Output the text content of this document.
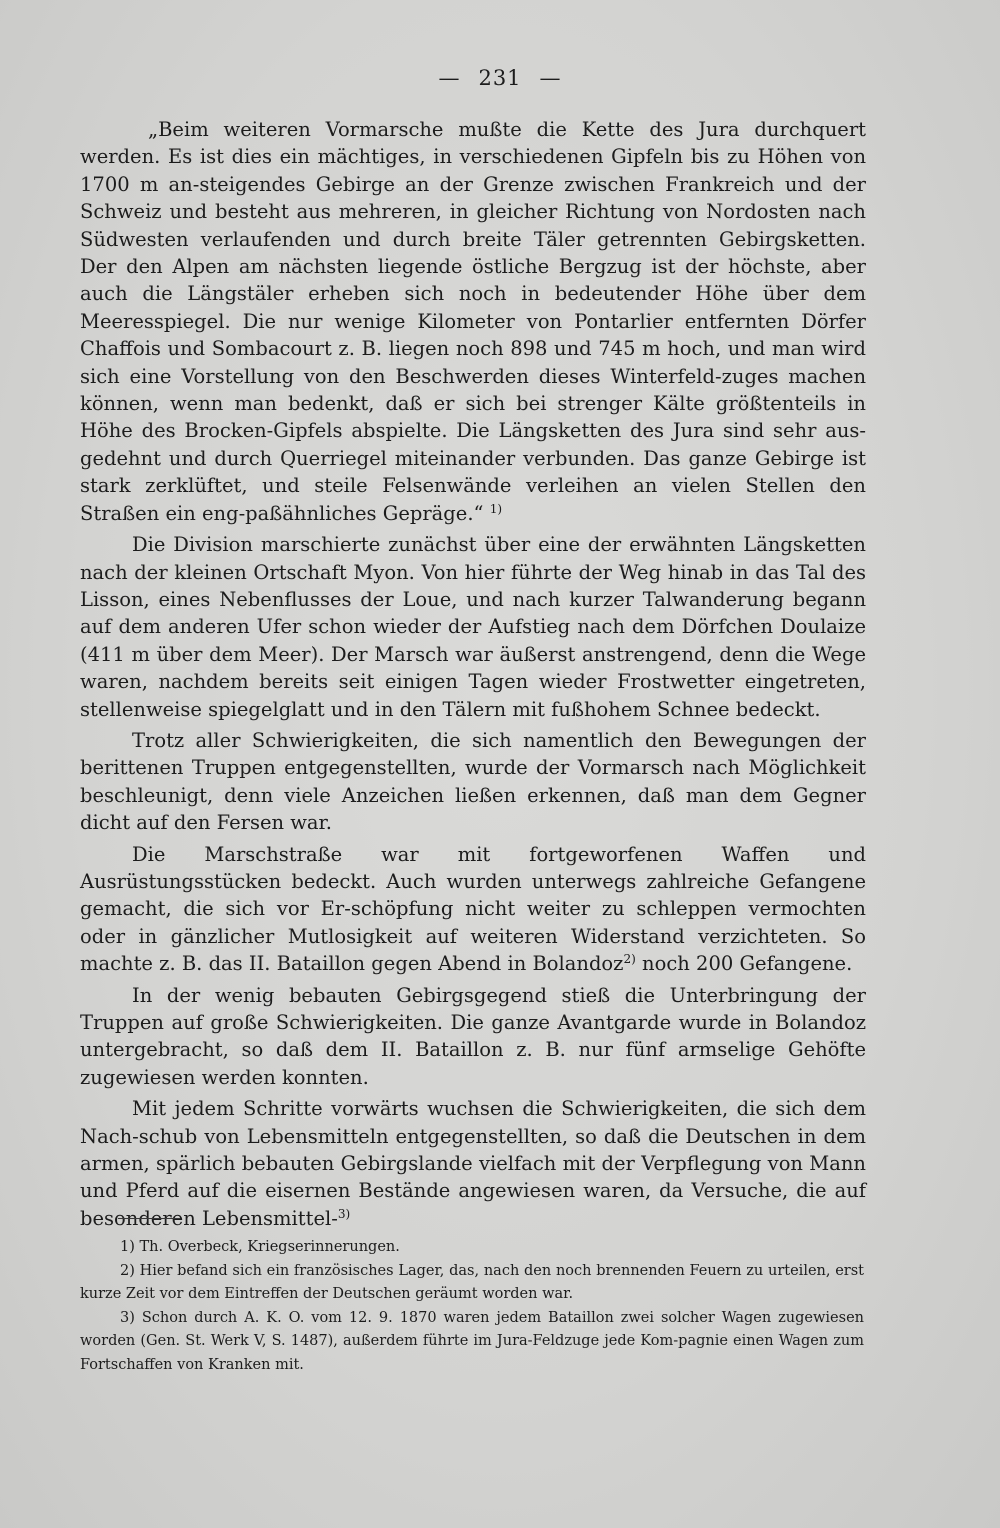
— 231 —

„Beim weiteren Vormarsche mußte die Kette des Jura durchquert werden. Es ist dies ein mächtiges, in verschiedenen Gipfeln bis zu Höhen von 1700 m an-steigendes Gebirge an der Grenze zwischen Frankreich und der Schweiz und besteht aus mehreren, in gleicher Richtung von Nordosten nach Südwesten verlaufenden und durch breite Täler getrennten Gebirgsketten. Der den Alpen am nächsten liegende östliche Bergzug ist der höchste, aber auch die Längstäler erheben sich noch in bedeutender Höhe über dem Meeresspiegel. Die nur wenige Kilometer von Pontarlier entfernten Dörfer Chaffois und Sombacourt z. B. liegen noch 898 und 745 m hoch, und man wird sich eine Vorstellung von den Beschwerden dieses Winterfeld-zuges machen können, wenn man bedenkt, daß er sich bei strenger Kälte größtenteils in Höhe des Brocken-Gipfels abspielte. Die Längsketten des Jura sind sehr aus-gedehnt und durch Querriegel miteinander verbunden. Das ganze Gebirge ist stark zerklüftet, und steile Felsenwände verleihen an vielen Stellen den Straßen ein eng-paßähnliches Gepräge.“ $^{1)}$

Die Division marschierte zunächst über eine der erwähnten Längsketten nach der kleinen Ortschaft Myon. Von hier führte der Weg hinab in das Tal des Lisson, eines Nebenflusses der Loue, und nach kurzer Talwanderung begann auf dem anderen Ufer schon wieder der Aufstieg nach dem Dörfchen Doulaize (411 m über dem Meer). Der Marsch war äußerst anstrengend, denn die Wege waren, nachdem bereits seit einigen Tagen wieder Frostwetter eingetreten, stellenweise spiegelglatt und in den Tälern mit fußhohem Schnee bedeckt.

Trotz aller Schwierigkeiten, die sich namentlich den Bewegungen der berittenen Truppen entgegenstellten, wurde der Vormarsch nach Möglichkeit beschleunigt, denn viele Anzeichen ließen erkennen, daß man dem Gegner dicht auf den Fersen war.

Die Marschstraße war mit fortgeworfenen Waffen und Ausrüstungsstücken bedeckt. Auch wurden unterwegs zahlreiche Gefangene gemacht, die sich vor Er-schöpfung nicht weiter zu schleppen vermochten oder in gänzlicher Mutlosigkeit auf weiteren Widerstand verzichteten. So machte z. B. das II. Bataillon gegen Abend in Bolandoz$^{2)}$ noch 200 Gefangene.

In der wenig bebauten Gebirgsgegend stieß die Unterbringung der Truppen auf große Schwierigkeiten. Die ganze Avantgarde wurde in Bolandoz untergebracht, so daß dem II. Bataillon z. B. nur fünf armselige Gehöfte zugewiesen werden konnten.

Mit jedem Schritte vorwärts wuchsen die Schwierigkeiten, die sich dem Nach-schub von Lebensmitteln entgegenstellten, so daß die Deutschen in dem armen, spärlich bebauten Gebirgslande vielfach mit der Verpflegung von Mann und Pferd auf die eisernen Bestände angewiesen waren, da Versuche, die auf besonderen Lebensmittel-$^{3)}$

1) Th. Overbeck, Kriegserinnerungen.

2) Hier befand sich ein französisches Lager, das, nach den noch brennenden Feuern zu urteilen, erst kurze Zeit vor dem Eintreffen der Deutschen geräumt worden war.

3) Schon durch A. K. O. vom 12. 9. 1870 waren jedem Bataillon zwei solcher Wagen zugewiesen worden (Gen. St. Werk V, S. 1487), außerdem führte im Jura-Feldzuge jede Kom-pagnie einen Wagen zum Fortschaffen von Kranken mit.
